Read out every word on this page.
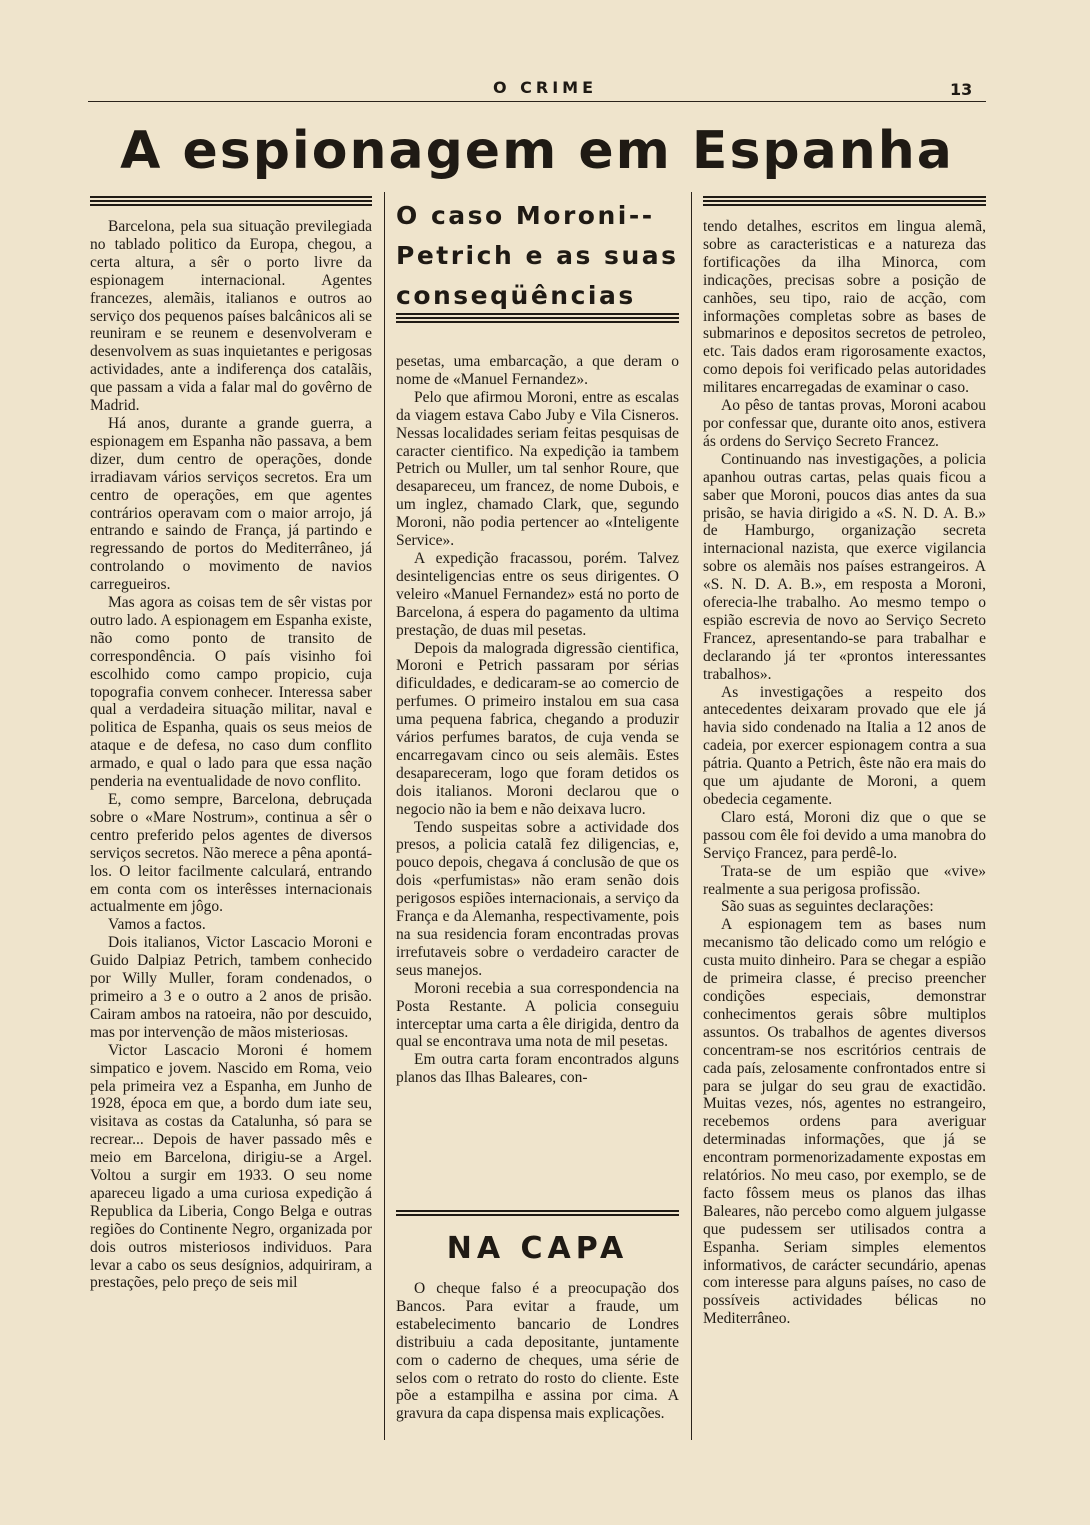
O CRIME	13
A espionagem em Espanha
O caso Moroni--Petrich e as suas conseqüências

Barcelona, pela sua situação previlegiada no tablado politico da Europa, chegou, a certa altura, a sêr o porto livre da espionagem internacional. Agentes francezes, alemãis, italianos e outros ao serviço dos pequenos países balcânicos ali se reuniram e se reunem e desenvolveram e desenvolvem as suas inquietantes e perigosas actividades, ante a indiferença dos catalãis, que passam a vida a falar mal do govêrno de Madrid.

Há anos, durante a grande guerra, a espionagem em Espanha não passava, a bem dizer, dum centro de operações, donde irradiavam vários serviços secretos. Era um centro de operações, em que agentes contrários operavam com o maior arrojo, já entrando e saindo de França, já partindo e regressando de portos do Mediterrâneo, já controlando o movimento de navios carregueiros.

Mas agora as coisas tem de sêr vistas por outro lado. A espionagem em Espanha existe, não como ponto de transito de correspondência. O país visinho foi escolhido como campo propicio, cuja topografia convem conhecer. Interessa saber qual a verdadeira situação militar, naval e politica de Espanha, quais os seus meios de ataque e de defesa, no caso dum conflito armado, e qual o lado para que essa nação penderia na eventualidade de novo conflito.

E, como sempre, Barcelona, debruçada sobre o «Mare Nostrum», continua a sêr o centro preferido pelos agentes de diversos serviços secretos. Não merece a pêna apontá-los. O leitor facilmente calculará, entrando em conta com os interêsses internacionais actualmente em jôgo.

Vamos a factos.

Dois italianos, Victor Lascacio Moroni e Guido Dalpiaz Petrich, tambem conhecido por Willy Muller, foram condenados, o primeiro a 3 e o outro a 2 anos de prisão. Cairam ambos na ratoeira, não por descuido, mas por intervenção de mãos misteriosas.

Victor Lascacio Moroni é homem simpatico e jovem. Nascido em Roma, veio pela primeira vez a Espanha, em Junho de 1928, época em que, a bordo dum iate seu, visitava as costas da Catalunha, só para se recrear... Depois de haver passado mês e meio em Barcelona, dirigiu-se a Argel. Voltou a surgir em 1933. O seu nome apareceu ligado a uma curiosa expedição á Republica da Liberia, Congo Belga e outras regiões do Continente Negro, organizada por dois outros misteriosos individuos. Para levar a cabo os seus desígnios, adquiriram, a prestações, pelo preço de seis mil

pesetas, uma embarcação, a que deram o nome de «Manuel Fernandez».

Pelo que afirmou Moroni, entre as escalas da viagem estava Cabo Juby e Vila Cisneros. Nessas localidades seriam feitas pesquisas de caracter cientifico. Na expedição ia tambem Petrich ou Muller, um tal senhor Roure, que desapareceu, um francez, de nome Dubois, e um inglez, chamado Clark, que, segundo Moroni, não podia pertencer ao «Inteligente Service».

A expedição fracassou, porém. Talvez desinteligencias entre os seus dirigentes. O veleiro «Manuel Fernandez» está no porto de Barcelona, á espera do pagamento da ultima prestação, de duas mil pesetas.

Depois da malograda digressão cientifica, Moroni e Petrich passaram por sérias dificuldades, e dedicaram-se ao comercio de perfumes. O primeiro instalou em sua casa uma pequena fabrica, chegando a produzir vários perfumes baratos, de cuja venda se encarregavam cinco ou seis alemãis. Estes desapareceram, logo que foram detidos os dois italianos. Moroni declarou que o negocio não ia bem e não deixava lucro.

Tendo suspeitas sobre a actividade dos presos, a policia catalã fez diligencias, e, pouco depois, chegava á conclusão de que os dois «perfumistas» não eram senão dois perigosos espiões internacionais, a serviço da França e da Alemanha, respectivamente, pois na sua residencia foram encontradas provas irrefutaveis sobre o verdadeiro caracter de seus manejos.

Moroni recebia a sua correspondencia na Posta Restante. A policia conseguiu interceptar uma carta a êle dirigida, dentro da qual se encontrava uma nota de mil pesetas.

Em outra carta foram encontrados alguns planos das Ilhas Baleares, con-

NA CAPA

O cheque falso é a preocupação dos Bancos. Para evitar a fraude, um estabelecimento bancario de Londres distribuiu a cada depositante, juntamente com o caderno de cheques, uma série de selos com o retrato do rosto do cliente. Este põe a estampilha e assina por cima. A gravura da capa dispensa mais explicações.

tendo detalhes, escritos em lingua alemã, sobre as caracteristicas e a natureza das fortificações da ilha Minorca, com indicações, precisas sobre a posição de canhões, seu tipo, raio de acção, com informações completas sobre as bases de submarinos e depositos secretos de petroleo, etc. Tais dados eram rigorosamente exactos, como depois foi verificado pelas autoridades militares encarregadas de examinar o caso.

Ao pêso de tantas provas, Moroni acabou por confessar que, durante oito anos, estivera ás ordens do Serviço Secreto Francez.

Continuando nas investigações, a policia apanhou outras cartas, pelas quais ficou a saber que Moroni, poucos dias antes da sua prisão, se havia dirigido a «S. N. D. A. B.» de Hamburgo, organização secreta internacional nazista, que exerce vigilancia sobre os alemãis nos países estrangeiros. A «S. N. D. A. B.», em resposta a Moroni, oferecia-lhe trabalho. Ao mesmo tempo o espião escrevia de novo ao Serviço Secreto Francez, apresentando-se para trabalhar e declarando já ter «prontos interessantes trabalhos».

As investigações a respeito dos antecedentes deixaram provado que ele já havia sido condenado na Italia a 12 anos de cadeia, por exercer espionagem contra a sua pátria. Quanto a Petrich, êste não era mais do que um ajudante de Moroni, a quem obedecia cegamente.

Claro está, Moroni diz que o que se passou com êle foi devido a uma manobra do Serviço Francez, para perdê-lo.

Trata-se de um espião que «vive» realmente a sua perigosa profissão.

São suas as seguintes declarações:

A espionagem tem as bases num mecanismo tão delicado como um relógio e custa muito dinheiro. Para se chegar a espião de primeira classe, é preciso preencher condições especiais, demonstrar conhecimentos gerais sôbre multiplos assuntos. Os trabalhos de agentes diversos concentram-se nos escritórios centrais de cada país, zelosamente confrontados entre si para se julgar do seu grau de exactidão. Muitas vezes, nós, agentes no estrangeiro, recebemos ordens para averiguar determinadas informações, que já se encontram pormenorizadamente expostas em relatórios. No meu caso, por exemplo, se de facto fôssem meus os planos das ilhas Baleares, não percebo como alguem julgasse que pudessem ser utilisados contra a Espanha. Seriam simples elementos informativos, de carácter secundário, apenas com interesse para alguns países, no caso de possíveis actividades bélicas no Mediterrâneo.
